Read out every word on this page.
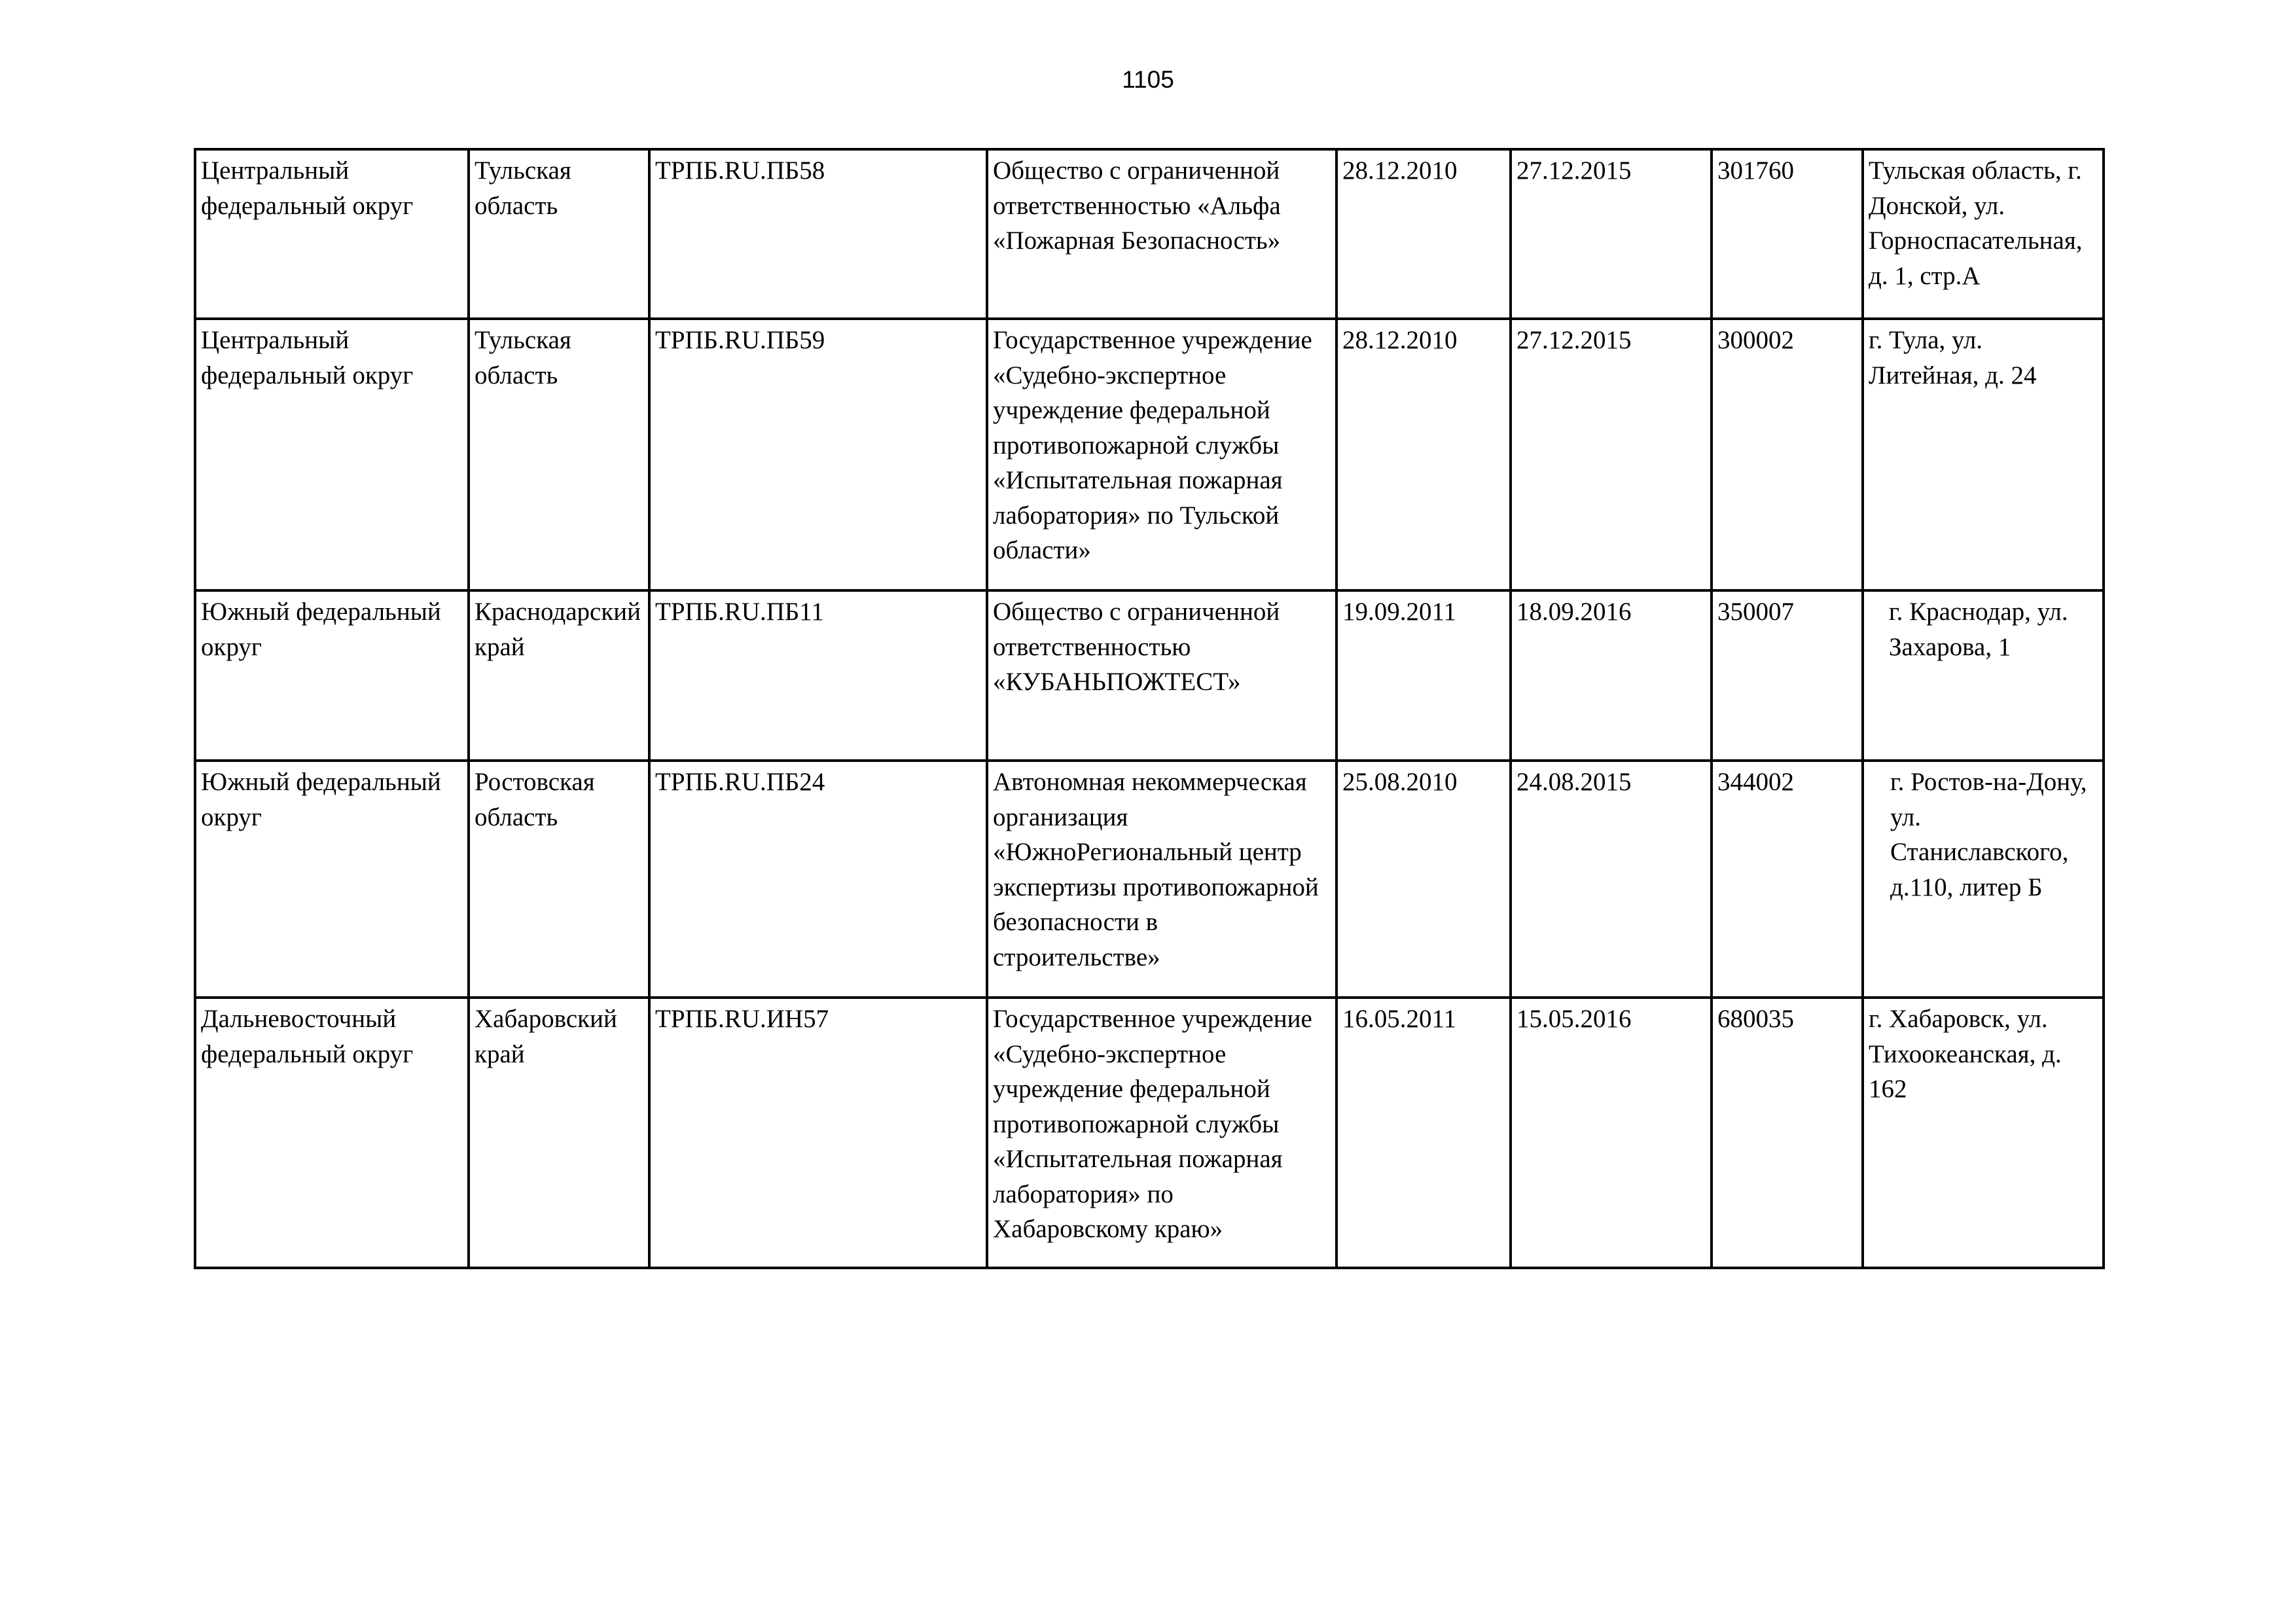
1105
Центральный федеральный округ	Тульская область	ТРПБ.RU.ПБ58	Общество с ограниченной ответственностью «Альфа «Пожарная Безопасность»	28.12.2010	27.12.2015	301760	Тульская область, г. Донской, ул. Горноспасательная, д. 1, стр.А

Центральный федеральный округ	Тульская область	ТРПБ.RU.ПБ59	Государственное учреждение «Судебно-экспертное учреждение федеральной противопожарной службы «Испытательная пожарная лаборатория» по Тульской области»	28.12.2010	27.12.2015	300002	г. Тула, ул. Литейная, д. 24

Южный федеральный округ	Краснодарский край	ТРПБ.RU.ПБ11	Общество с ограниченной ответственностью «КУБАНЬПОЖТЕСТ»	19.09.2011	18.09.2016	350007	г. Краснодар, ул. Захарова, 1

Южный федеральный округ	Ростовская область	ТРПБ.RU.ПБ24	Автономная некоммерческая организация «ЮжноРегиональный центр экспертизы противопожарной безопасности в строительстве»	25.08.2010	24.08.2015	344002	г. Ростов-на-Дону, ул. Станиславского, д.110, литер Б

Дальневосточный федеральный округ	Хабаровский край	ТРПБ.RU.ИН57	Государственное учреждение «Судебно-экспертное учреждение федеральной противопожарной службы «Испытательная пожарная лаборатория» по Хабаровскому краю»	16.05.2011	15.05.2016	680035	г. Хабаровск, ул. Тихоокеанская, д. 162
